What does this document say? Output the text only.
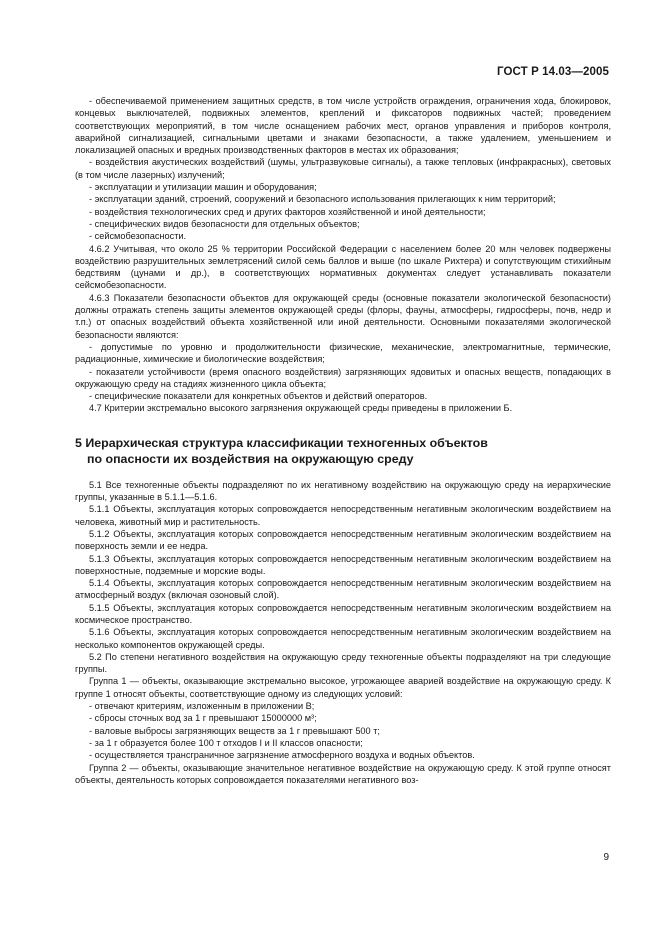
ГОСТ Р 14.03—2005

- обеспечиваемой применением защитных средств, в том числе устройств ограждения, ограничения хода, блокировок, концевых выключателей, подвижных элементов, креплений и фиксаторов подвижных частей; проведением соответствующих мероприятий, в том числе оснащением рабочих мест, органов управления и приборов контроля, аварийной сигнализацией, сигнальными цветами и знаками безопасности, а также удалением, уменьшением и локализацией опасных и вредных производственных факторов в местах их образования;

- воздействия акустических воздействий (шумы, ультразвуковые сигналы), а также тепловых (инфракрасных), световых (в том числе лазерных) излучений;

- эксплуатации и утилизации машин и оборудования;

- эксплуатации зданий, строений, сооружений и безопасного использования прилегающих к ним территорий;

- воздействия технологических сред и других факторов хозяйственной и иной деятельности;

- специфических видов безопасности для отдельных объектов;

- сейсмобезопасности.

4.6.2 Учитывая, что около 25 % территории Российской Федерации с населением более 20 млн человек подвержены воздействию разрушительных землетрясений силой семь баллов и выше (по шкале Рихтера) и сопутствующим стихийным бедствиям (цунами и др.), в соответствующих нормативных документах следует устанавливать показатели сейсмобезопасности.

4.6.3 Показатели безопасности объектов для окружающей среды (основные показатели экологической безопасности) должны отражать степень защиты элементов окружающей среды (флоры, фауны, атмосферы, гидросферы, почв, недр и т.п.) от опасных воздействий объекта хозяйственной или иной деятельности. Основными показателями экологической безопасности являются:

- допустимые по уровню и продолжительности физические, механические, электромагнитные, термические, радиационные, химические и биологические воздействия;

- показатели устойчивости (время опасного воздействия) загрязняющих ядовитых и опасных веществ, попадающих в окружающую среду на стадиях жизненного цикла объекта;

- специфические показатели для конкретных объектов и действий операторов.

4.7 Критерии экстремально высокого загрязнения окружающей среды приведены в приложении Б.

5 Иерархическая структура классификации техногенных объектов
по опасности их воздействия на окружающую среду

5.1 Все техногенные объекты подразделяют по их негативному воздействию на окружающую среду на иерархические группы, указанные в 5.1.1—5.1.6.

5.1.1 Объекты, эксплуатация которых сопровождается непосредственным негативным экологическим воздействием на человека, животный мир и растительность.

5.1.2 Объекты, эксплуатация которых сопровождается непосредственным негативным экологическим воздействием на поверхность земли и ее недра.

5.1.3 Объекты, эксплуатация которых сопровождается непосредственным негативным экологическим воздействием на поверхностные, подземные и морские воды.

5.1.4 Объекты, эксплуатация которых сопровождается непосредственным негативным экологическим воздействием на атмосферный воздух (включая озоновый слой).

5.1.5 Объекты, эксплуатация которых сопровождается непосредственным негативным экологическим воздействием на космическое пространство.

5.1.6 Объекты, эксплуатация которых сопровождается непосредственным негативным экологическим воздействием на несколько компонентов окружающей среды.

5.2 По степени негативного воздействия на окружающую среду техногенные объекты подразделяют на три следующие группы.

Группа 1 — объекты, оказывающие экстремально высокое, угрожающее аварией воздействие на окружающую среду. К группе 1 относят объекты, соответствующие одному из следующих условий:

- отвечают критериям, изложенным в приложении В;

- сбросы сточных вод за 1 г превышают 15000000 м³;

- валовые выбросы загрязняющих веществ за 1 г превышают 500 т;

- за 1 г образуется более 100 т отходов I и II классов опасности;

- осуществляется трансграничное загрязнение атмосферного воздуха и водных объектов.

Группа 2 — объекты, оказывающие значительное негативное воздействие на окружающую среду. К этой группе относят объекты, деятельность которых сопровождается показателями негативного воз-

9
